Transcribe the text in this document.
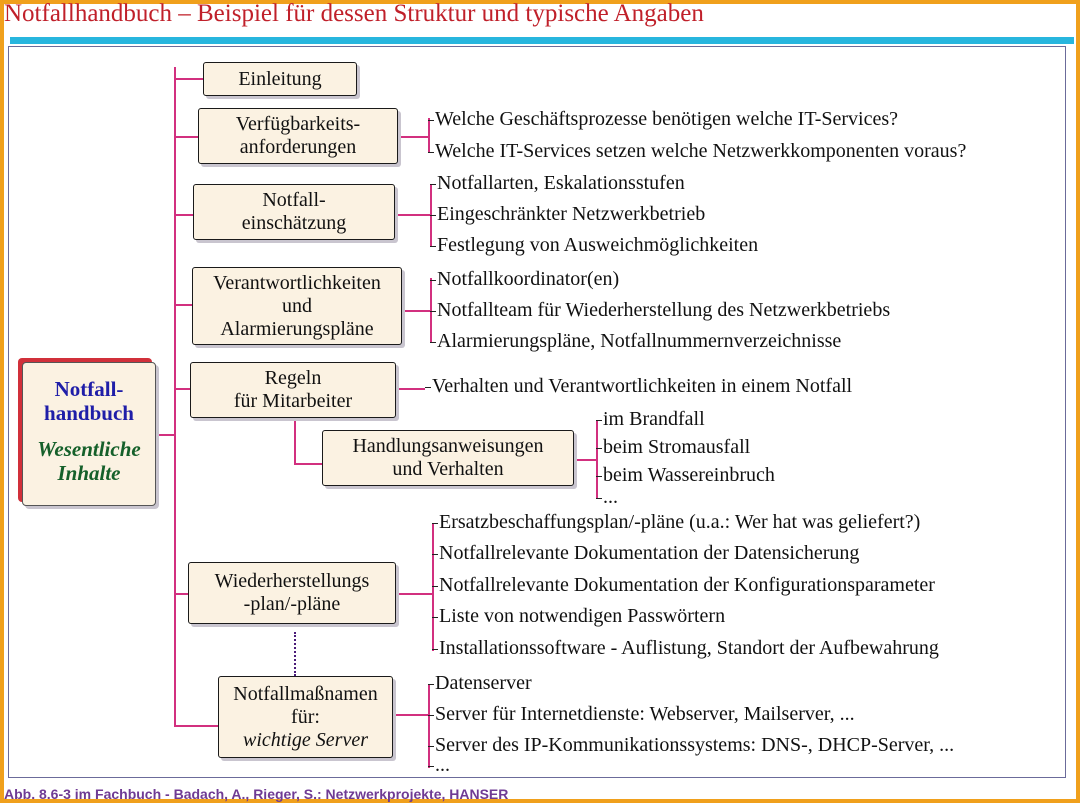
Notfallhandbuch – Beispiel für dessen Struktur und typische Angaben
Notfall-
handbuch
Wesentliche
Inhalte
Einleitung
Verfügbarkeits-
anforderungen
Notfall-
einschätzung
Verantwortlichkeiten
und
Alarmierungspläne
Regeln
für Mitarbeiter
Handlungsanweisungen
und Verhalten
Wiederherstellungs
-plan/-pläne
Notfallmaßnamen
für:
wichtige Server
Welche Geschäftsprozesse benötigen welche IT-Services?
Welche IT-Services setzen welche Netzwerkkomponenten voraus?
Notfallarten, Eskalationsstufen
Eingeschränkter Netzwerkbetrieb
Festlegung von Ausweichmöglichkeiten
Notfallkoordinator(en)
Notfallteam für Wiederherstellung des Netzwerkbetriebs
Alarmierungspläne, Notfallnummernverzeichnisse
Verhalten und Verantwortlichkeiten in einem Notfall
im Brandfall
beim Stromausfall
beim Wassereinbruch
...
Ersatzbeschaffungsplan/-pläne (u.a.: Wer hat was geliefert?)
Notfallrelevante Dokumentation der Datensicherung
Notfallrelevante Dokumentation der Konfigurationsparameter
Liste von notwendigen Passwörtern
Installationssoftware - Auflistung, Standort der Aufbewahrung
Datenserver
Server für Internetdienste: Webserver, Mailserver, ...
Server des IP-Kommunikationssystems: DNS-, DHCP-Server, ...
...
Abb. 8.6-3 im Fachbuch - Badach, A., Rieger, S.: Netzwerkprojekte, HANSER
